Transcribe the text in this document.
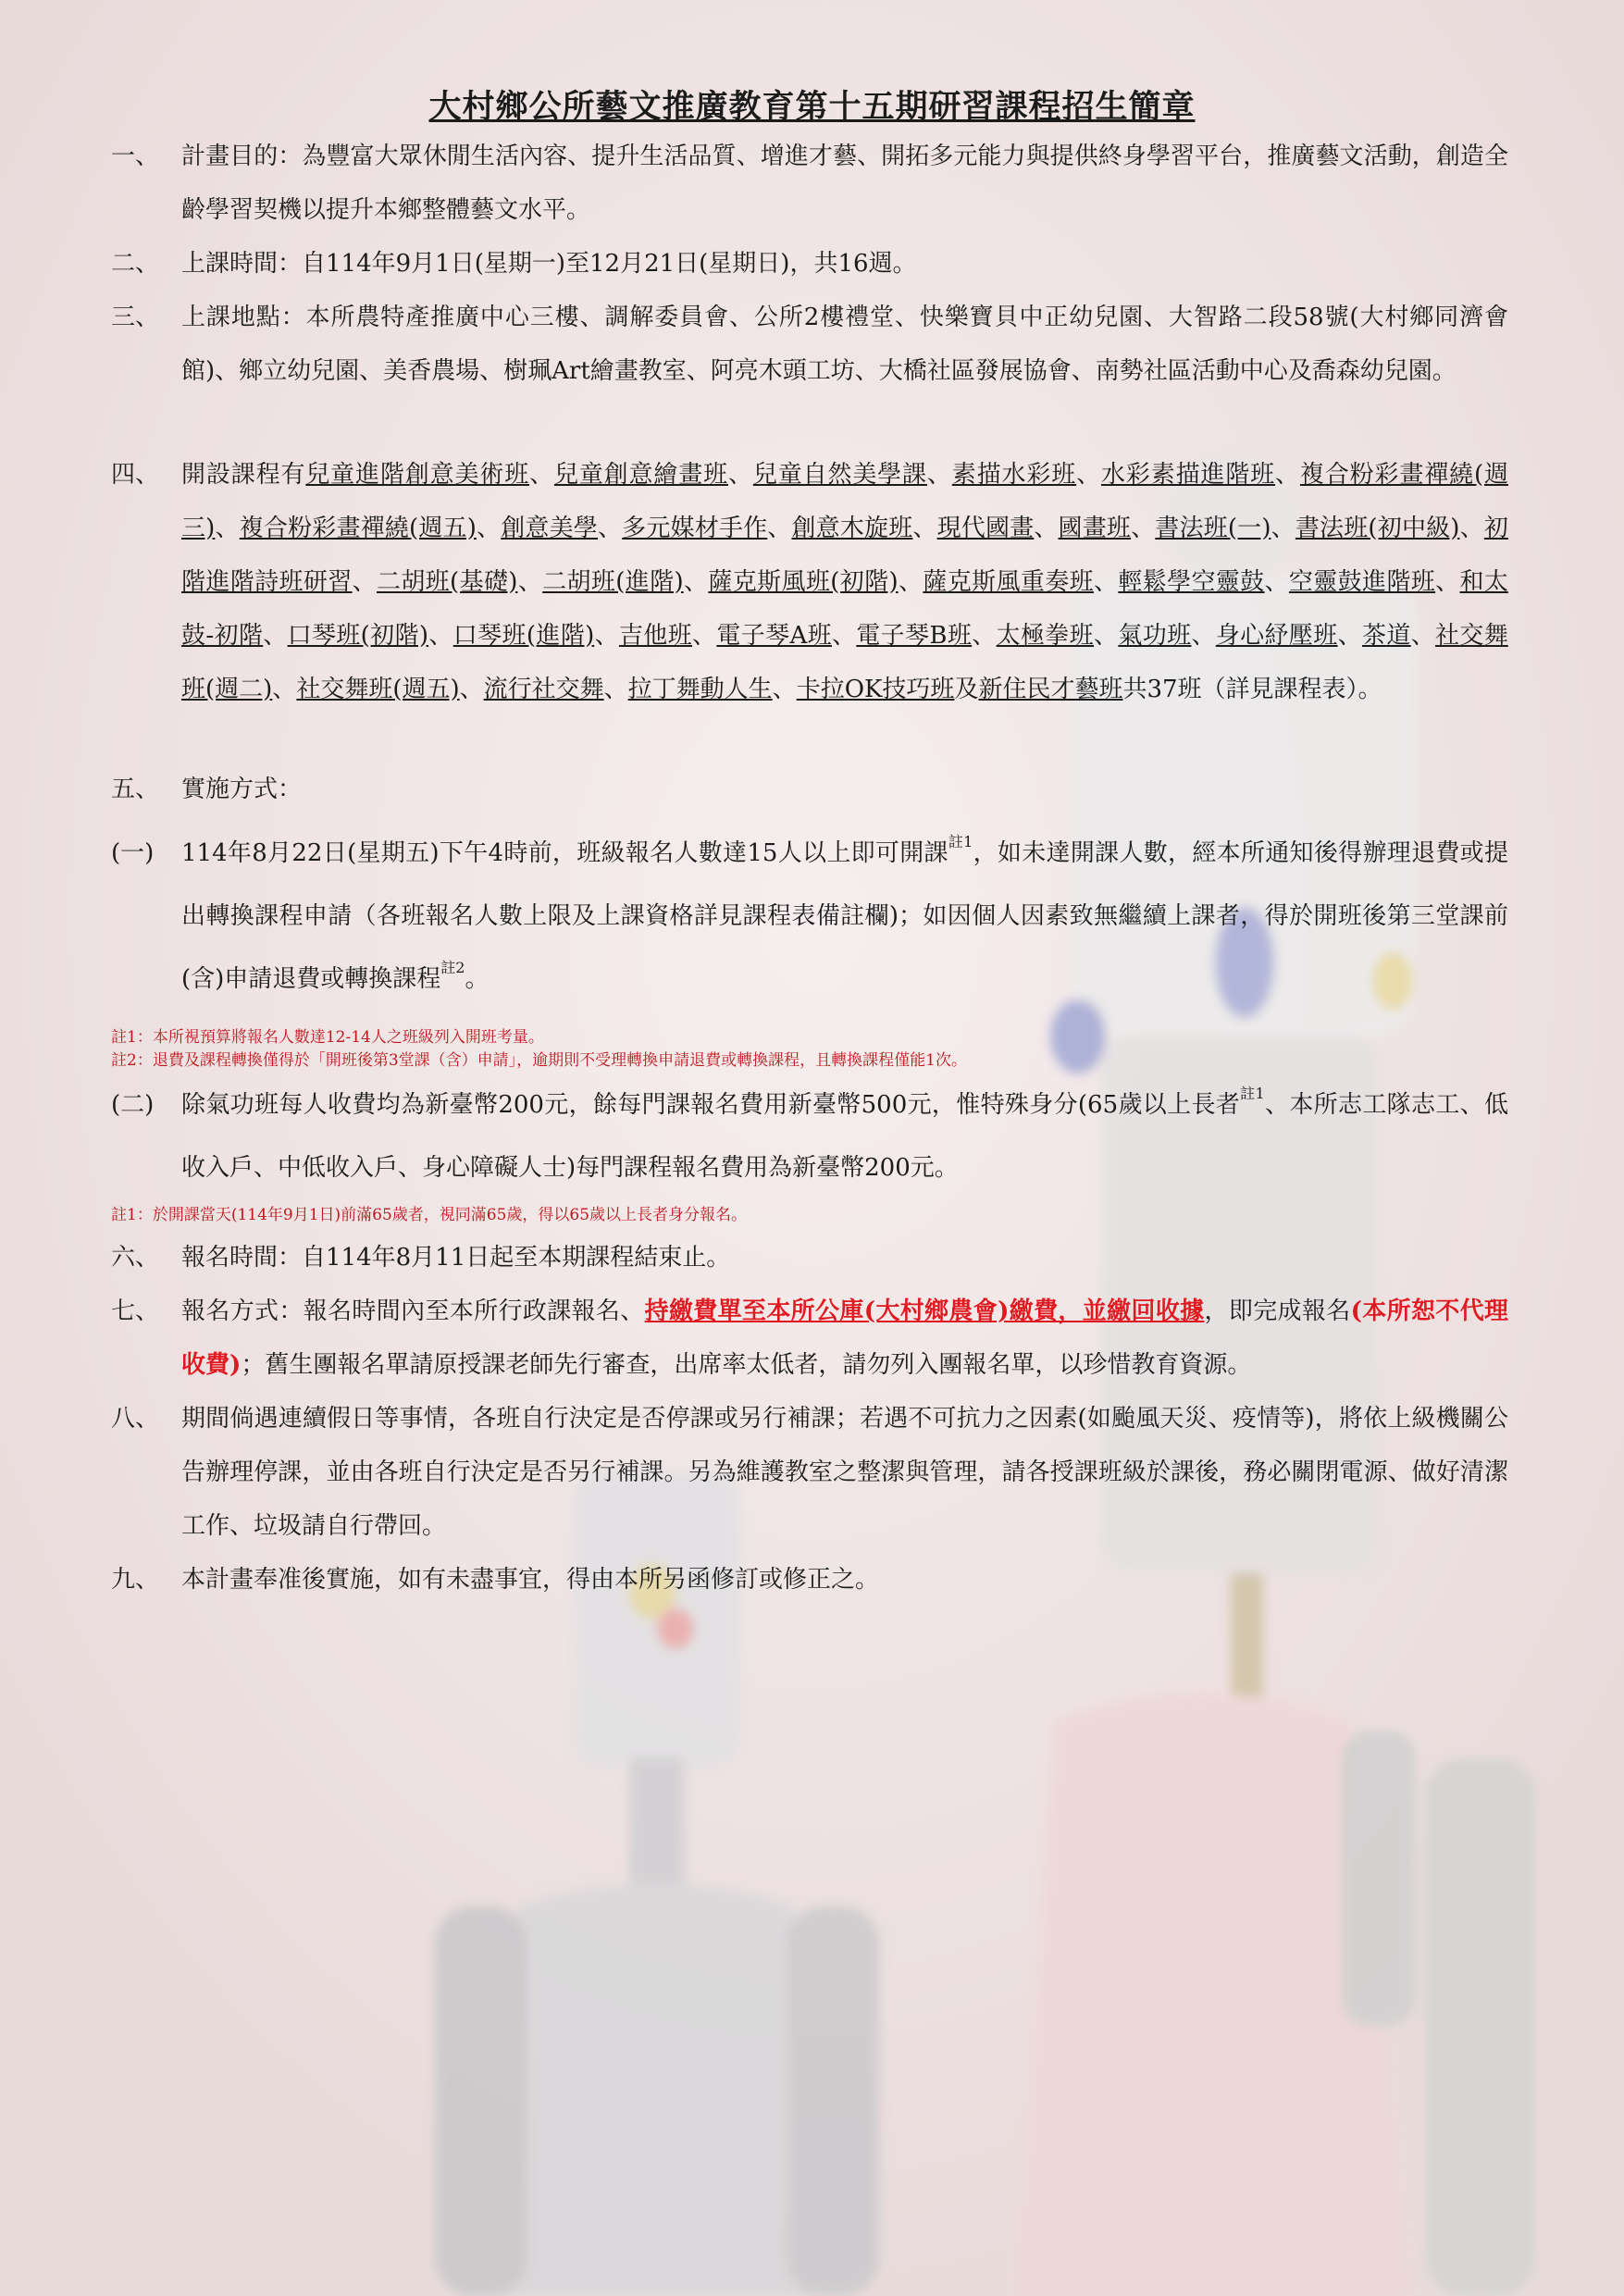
大村鄉公所藝文推廣教育第十五期研習課程招生簡章
一、 計畫目的：為豐富大眾休閒生活內容、提升生活品質、增進才藝、開拓多元能力與提供終身學習平台，推廣藝文活動，創造全齡學習契機以提升本鄉整體藝文水平。
二、 上課時間：自114年9月1日(星期一)至12月21日(星期日)，共16週。
三、 上課地點：本所農特產推廣中心三樓、調解委員會、公所2樓禮堂、快樂寶貝中正幼兒園、大智路二段58號(大村鄉同濟會館)、鄉立幼兒園、美香農場、樹珮Art繪畫教室、阿亮木頭工坊、大橋社區發展協會、南勢社區活動中心及喬森幼兒園。
四、 開設課程有兒童進階創意美術班、兒童創意繪畫班、兒童自然美學課、素描水彩班、水彩素描進階班、複合粉彩畫禪繞(週三)、複合粉彩畫禪繞(週五)、創意美學、多元媒材手作、創意木旋班、現代國畫、國畫班、書法班(一)、書法班(初中級)、初階進階詩班研習、二胡班(基礎)、二胡班(進階)、薩克斯風班(初階)、薩克斯風重奏班、輕鬆學空靈鼓、空靈鼓進階班、和太鼓-初階、口琴班(初階)、口琴班(進階)、吉他班、電子琴A班、電子琴B班、太極拳班、氣功班、身心紓壓班、茶道、社交舞班(週二)、社交舞班(週五)、流行社交舞、拉丁舞動人生、卡拉OK技巧班及新住民才藝班共37班（詳見課程表）。
五、 實施方式：
(一)	114年8月22日(星期五)下午4時前，班級報名人數達15人以上即可開課$^{註1}$，如未達開課人數，經本所通知後得辦理退費或提出轉換課程申請（各班報名人數上限及上課資格詳見課程表備註欄)；如因個人因素致無繼續上課者，得於開班後第三堂課前(含)申請退費或轉換課程$^{註2}$。
註1：本所視預算將報名人數達12-14人之班級列入開班考量。
註2：退費及課程轉換僅得於「開班後第3堂課（含）申請」，逾期則不受理轉換申請退費或轉換課程，且轉換課程僅能1次。
(二)	除氣功班每人收費均為新臺幣200元，餘每門課報名費用新臺幣500元，惟特殊身分(65歲以上長者$^{註1}$、本所志工隊志工、低收入戶、中低收入戶、身心障礙人士)每門課程報名費用為新臺幣200元。
註1：於開課當天(114年9月1日)前滿65歲者，視同滿65歲，得以65歲以上長者身分報名。
六、 報名時間：自114年8月11日起至本期課程結束止。
七、 報名方式：報名時間內至本所行政課報名、持繳費單至本所公庫(大村鄉農會)繳費，並繳回收據，即完成報名(本所恕不代理收費)；舊生團報名單請原授課老師先行審查，出席率太低者，請勿列入團報名單，以珍惜教育資源。
八、 期間倘遇連續假日等事情，各班自行決定是否停課或另行補課；若遇不可抗力之因素(如颱風天災、疫情等)，將依上級機關公告辦理停課，並由各班自行決定是否另行補課。另為維護教室之整潔與管理，請各授課班級於課後，務必關閉電源、做好清潔工作、垃圾請自行帶回。
九、 本計畫奉准後實施，如有未盡事宜，得由本所另函修訂或修正之。
